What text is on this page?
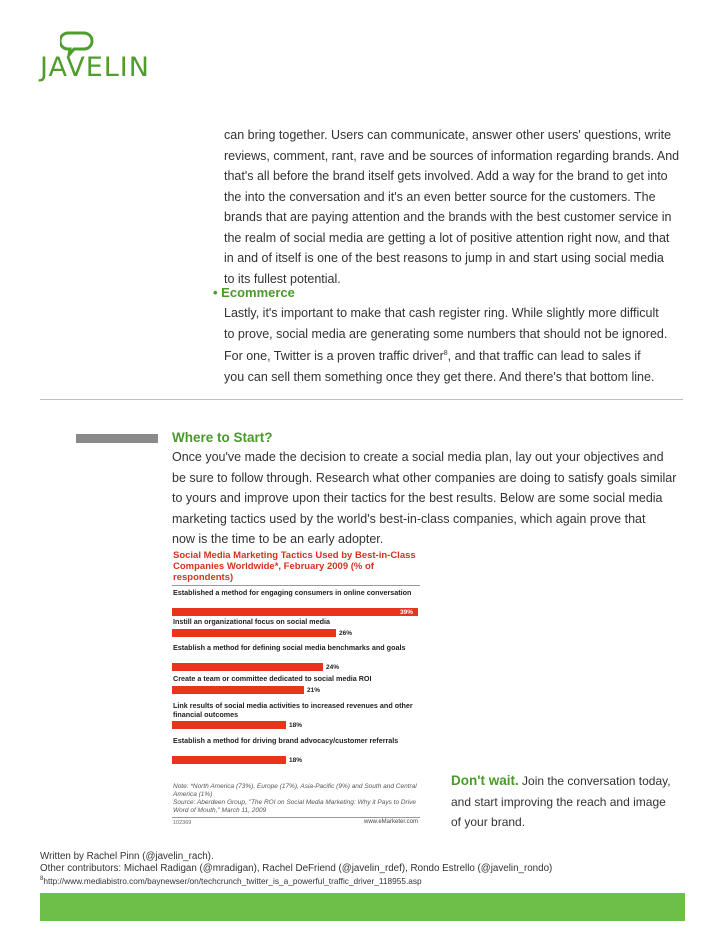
JAVELIN
can bring together. Users can communicate, answer other users' questions, write
reviews, comment, rant, rave and be sources of information regarding brands. And
that's all before the brand itself gets involved. Add a way for the brand to get into
the into the conversation and it's an even better source for the customers. The
brands that are paying attention and the brands with the best customer service in
the realm of social media are getting a lot of positive attention right now, and that
in and of itself is one of the best reasons to jump in and start using social media
to its fullest potential.
• Ecommerce
Lastly, it's important to make that cash register ring. While slightly more difficult
to prove, social media are generating some numbers that should not be ignored.
For one, Twitter is a proven traffic driver$^8$, and that traffic can lead to sales if
you can sell them something once they get there. And there's that bottom line.
Where to Start?
Once you've made the decision to create a social media plan, lay out your objectives and
be sure to follow through. Research what other companies are doing to satisfy goals similar
to yours and improve upon their tactics for the best results. Below are some social media
marketing tactics used by the world's best-in-class companies, which again prove that
now is the time to be an early adopter.
Social Media Marketing Tactics Used by Best-in-Class Companies Worldwide*, February 2009 (% of respondents)
Note: *North America (73%), Europe (17%), Asia-Pacific (9%) and South and Central America (1%)
Source: Aberdeen Group, "The ROI on Social Media Marketing: Why it Pays to Drive Word of Mouth," March 11, 2009
102369	www.eMarketer.com
Established a method for engaging consumers in online conversation
39%
Instill an organizational focus on social media
26%
Establish a method for defining social media benchmarks and goals
24%
Create a team or committee dedicated to social media ROI
21%
Link results of social media activities to increased revenues and other financial outcomes
18%
Establish a method for driving brand advocacy/customer referrals
18%
Don't wait. Join the conversation today, and start improving the reach and image of your brand.
Written by Rachel Pinn (@javelin_rach).
Other contributors: Michael Radigan (@mradigan), Rachel DeFriend (@javelin_rdef), Rondo Estrello (@javelin_rondo)
$^8$http://www.mediabistro.com/baynewser/on/techcrunch_twitter_is_a_powerful_traffic_driver_118955.asp
